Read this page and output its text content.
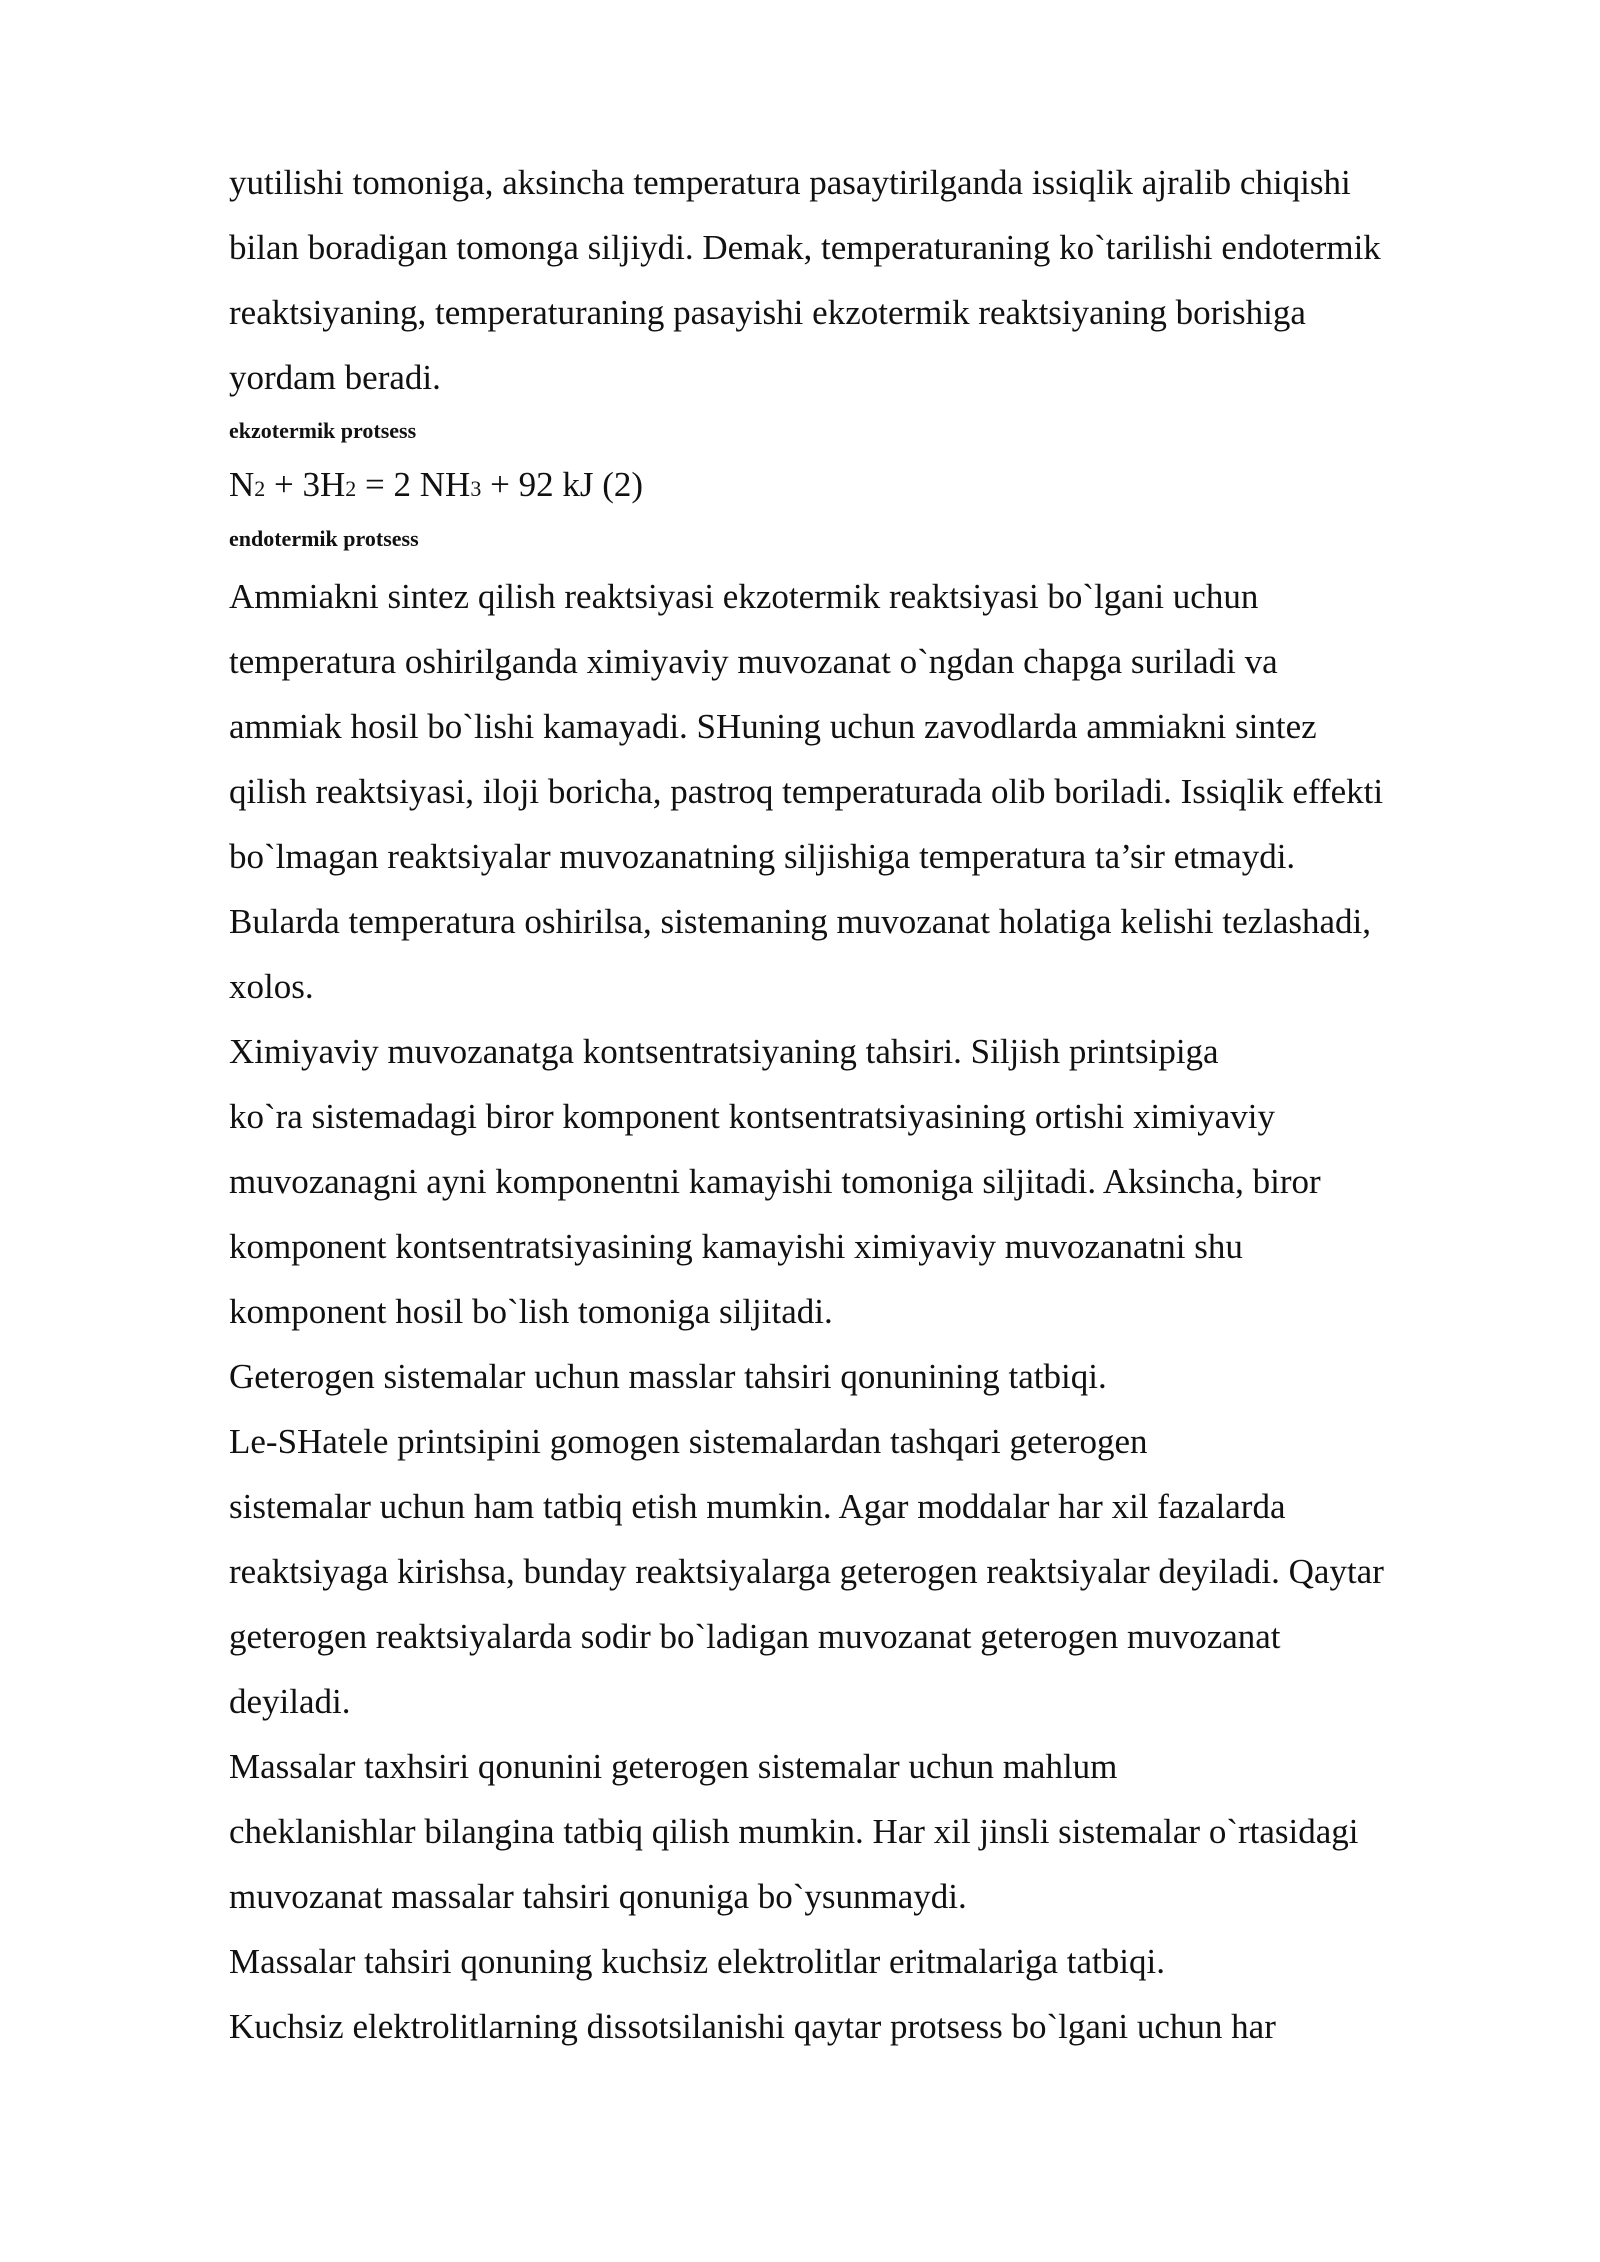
yutilishi tomoniga, aksincha temperatura pasaytirilganda issiqlik ajralib chiqishi

bilan boradigan tomonga siljiydi. Demak, temperaturaning ko`tarilishi endotermik

reaktsiyaning, temperaturaning pasayishi ekzotermik reaktsiyaning borishiga

yordam beradi.

ekzotermik protsess

N2 + 3H2 = 2 NH3 + 92 kJ (2)

endotermik protsess

Ammiakni sintez qilish reaktsiyasi ekzotermik reaktsiyasi bo`lgani uchun

temperatura oshirilganda ximiyaviy muvozanat o`ngdan chapga suriladi va

ammiak hosil bo`lishi kamayadi. SHuning uchun zavodlarda ammiakni sintez

qilish reaktsiyasi, iloji boricha, pastroq temperaturada olib boriladi. Issiqlik effekti

bo`lmagan reaktsiyalar muvozanatning siljishiga temperatura ta’sir etmaydi.

Bularda temperatura oshirilsa, sistemaning muvozanat holatiga kelishi tezlashadi,

xolos.

Ximiyaviy muvozanatga kontsentratsiyaning tahsiri. Siljish printsipiga

ko`ra sistemadagi biror komponent kontsentratsiyasining ortishi ximiyaviy

muvozanagni ayni komponentni kamayishi tomoniga siljitadi. Aksincha, biror

komponent kontsentratsiyasining kamayishi ximiyaviy muvozanatni shu

komponent hosil bo`lish tomoniga siljitadi.

Geterogen sistemalar uchun masslar tahsiri qonunining tatbiqi.

Le-SHatele printsipini gomogen sistemalardan tashqari geterogen

sistemalar uchun ham tatbiq etish mumkin. Agar moddalar har xil fazalarda

reaktsiyaga kirishsa, bunday reaktsiyalarga geterogen reaktsiyalar deyiladi. Qaytar

geterogen reaktsiyalarda sodir bo`ladigan muvozanat geterogen muvozanat

deyiladi.

Massalar taxhsiri qonunini geterogen sistemalar uchun mahlum

cheklanishlar bilangina tatbiq qilish mumkin. Har xil jinsli sistemalar o`rtasidagi

muvozanat massalar tahsiri qonuniga bo`ysunmaydi.

Massalar tahsiri qonuning kuchsiz elektrolitlar eritmalariga tatbiqi.

Kuchsiz elektrolitlarning dissotsilanishi qaytar protsess bo`lgani uchun har
